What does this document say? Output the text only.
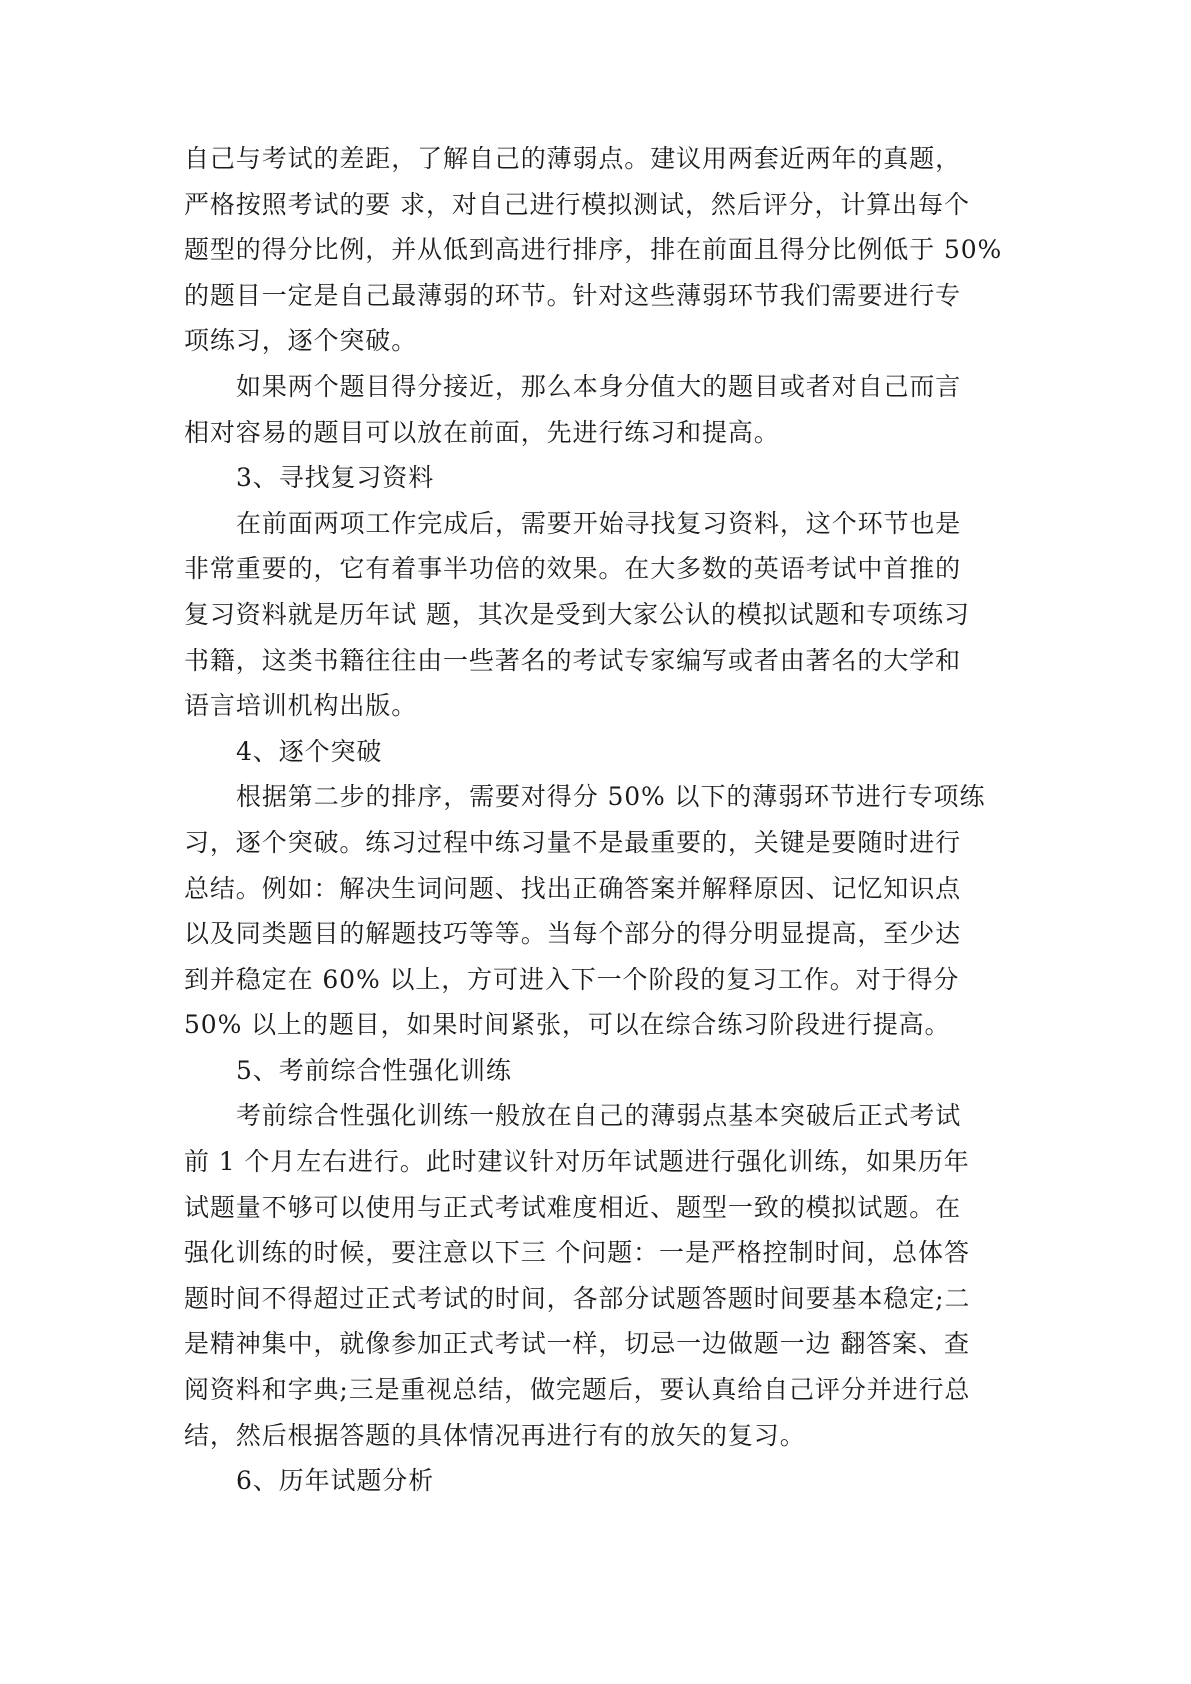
自己与考试的差距，了解自己的薄弱点。建议用两套近两年的真题，
严格按照考试的要 求，对自己进行模拟测试，然后评分，计算出每个
题型的得分比例，并从低到高进行排序，排在前面且得分比例低于 50%
的题目一定是自己最薄弱的环节。针对这些薄弱环节我们需要进行专
项练习，逐个突破。
如果两个题目得分接近，那么本身分值大的题目或者对自己而言
相对容易的题目可以放在前面，先进行练习和提高。
3、寻找复习资料
在前面两项工作完成后，需要开始寻找复习资料，这个环节也是
非常重要的，它有着事半功倍的效果。在大多数的英语考试中首推的
复习资料就是历年试 题，其次是受到大家公认的模拟试题和专项练习
书籍，这类书籍往往由一些著名的考试专家编写或者由著名的大学和
语言培训机构出版。
4、逐个突破
根据第二步的排序，需要对得分 50% 以下的薄弱环节进行专项练
习，逐个突破。练习过程中练习量不是最重要的，关键是要随时进行
总结。例如：解决生词问题、找出正确答案并解释原因、记忆知识点
以及同类题目的解题技巧等等。当每个部分的得分明显提高，至少达
到并稳定在 60% 以上，方可进入下一个阶段的复习工作。对于得分
50% 以上的题目，如果时间紧张，可以在综合练习阶段进行提高。
5、考前综合性强化训练
考前综合性强化训练一般放在自己的薄弱点基本突破后正式考试
前 1 个月左右进行。此时建议针对历年试题进行强化训练，如果历年
试题量不够可以使用与正式考试难度相近、题型一致的模拟试题。在
强化训练的时候，要注意以下三 个问题：一是严格控制时间，总体答
题时间不得超过正式考试的时间，各部分试题答题时间要基本稳定;二
是精神集中，就像参加正式考试一样，切忌一边做题一边 翻答案、查
阅资料和字典;三是重视总结，做完题后，要认真给自己评分并进行总
结，然后根据答题的具体情况再进行有的放矢的复习。
6、历年试题分析
